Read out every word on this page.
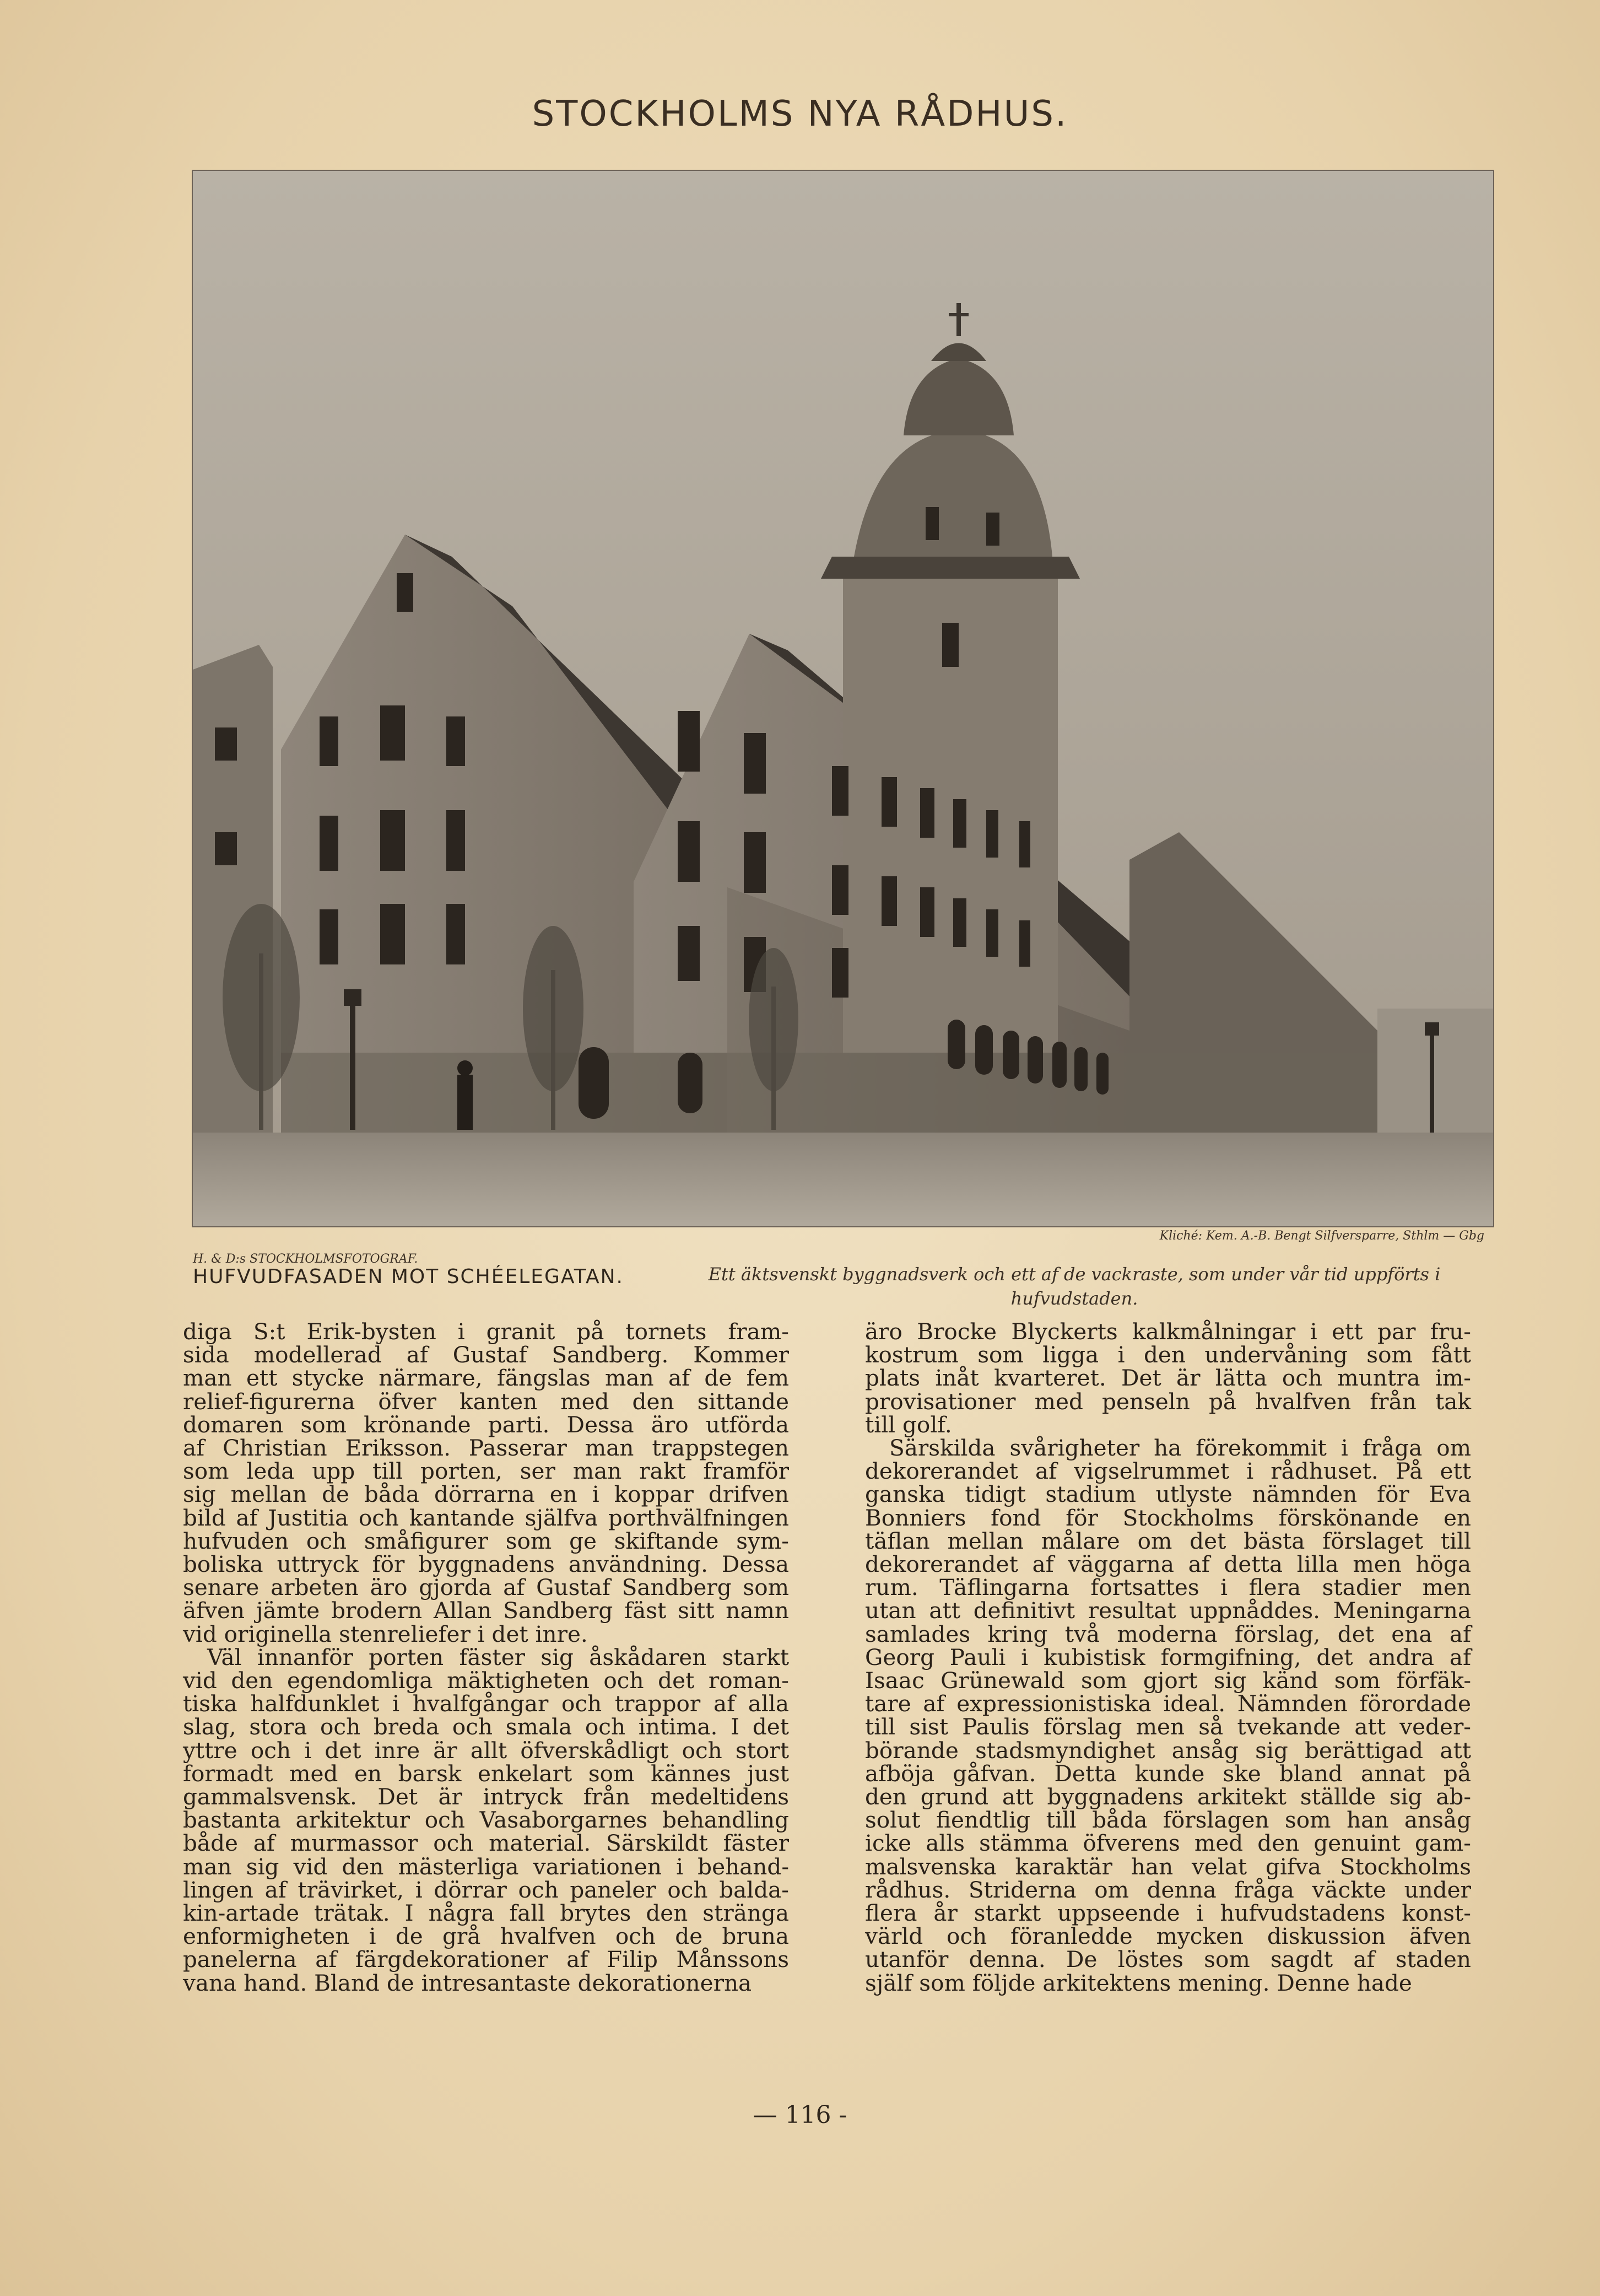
STOCKHOLMS NYA RÅDHUS.
Kliché: Kem. A.-B. Bengt Silfversparre, Sthlm — Gbg
H. & D:s STOCKHOLMSFOTOGRAF.
HUFVUDFASADEN MOT SCHÉELEGATAN.	Ett äktsvenskt byggnadsverk och ett af de vackraste, som under vår tid uppförts i hufvudstaden.

diga S:t Erik-bysten i granit på tornets fram-

sida modellerad af Gustaf Sandberg. Kommer

man ett stycke närmare, fängslas man af de fem

relief-figurerna öfver kanten med den sittande

domaren som krönande parti. Dessa äro utförda

af Christian Eriksson. Passerar man trappstegen

som leda upp till porten, ser man rakt framför

sig mellan de båda dörrarna en i koppar drifven

bild af Justitia och kantande själfva porthvälfningen

hufvuden och småfigurer som ge skiftande sym-

boliska uttryck för byggnadens användning. Dessa

senare arbeten äro gjorda af Gustaf Sandberg som

äfven jämte brodern Allan Sandberg fäst sitt namn

vid originella stenreliefer i det inre.

Väl innanför porten fäster sig åskådaren starkt

vid den egendomliga mäktigheten och det roman-

tiska halfdunklet i hvalfgångar och trappor af alla

slag, stora och breda och smala och intima. I det

yttre och i det inre är allt öfverskådligt och stort

formadt med en barsk enkelart som kännes just

gammalsvensk. Det är intryck från medeltidens

bastanta arkitektur och Vasaborgarnes behandling

både af murmassor och material. Särskildt fäster

man sig vid den mästerliga variationen i behand-

lingen af trävirket, i dörrar och paneler och balda-

kin-artade trätak. I några fall brytes den stränga

enformigheten i de grå hvalfven och de bruna

panelerna af färgdekorationer af Filip Månssons

vana hand. Bland de intresantaste dekorationerna

äro Brocke Blyckerts kalkmålningar i ett par fru-

kostrum som ligga i den undervåning som fått

plats inåt kvarteret. Det är lätta och muntra im-

provisationer med penseln på hvalfven från tak

till golf.

Särskilda svårigheter ha förekommit i fråga om

dekorerandet af vigselrummet i rådhuset. På ett

ganska tidigt stadium utlyste nämnden för Eva

Bonniers fond för Stockholms förskönande en

täflan mellan målare om det bästa förslaget till

dekorerandet af väggarna af detta lilla men höga

rum. Täflingarna fortsattes i flera stadier men

utan att definitivt resultat uppnåddes. Meningarna

samlades kring två moderna förslag, det ena af

Georg Pauli i kubistisk formgifning, det andra af

Isaac Grünewald som gjort sig känd som förfäk-

tare af expressionistiska ideal. Nämnden förordade

till sist Paulis förslag men så tvekande att veder-

börande stadsmyndighet ansåg sig berättigad att

afböja gåfvan. Detta kunde ske bland annat på

den grund att byggnadens arkitekt ställde sig ab-

solut fiendtlig till båda förslagen som han ansåg

icke alls stämma öfverens med den genuint gam-

malsvenska karaktär han velat gifva Stockholms

rådhus. Striderna om denna fråga väckte under

flera år starkt uppseende i hufvudstadens konst-

värld och föranledde mycken diskussion äfven

utanför denna. De löstes som sagdt af staden

själf som följde arkitektens mening. Denne hade

— 116 -
